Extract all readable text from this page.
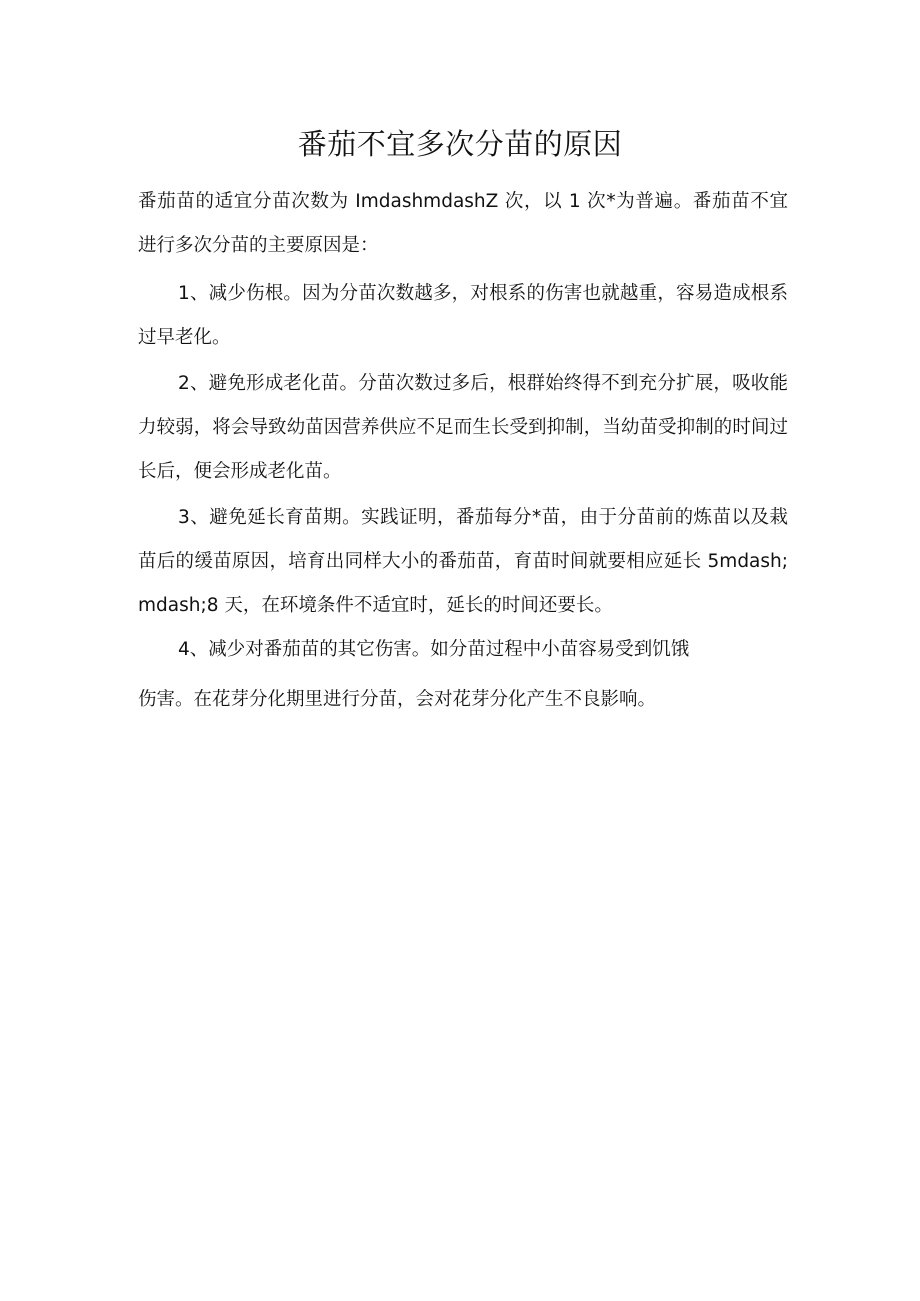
番茄不宜多次分苗的原因

番茄苗的适宜分苗次数为 ImdashmdashZ 次，以 1 次*为普遍。番茄苗不宜进行多次分苗的主要原因是：

1、减少伤根。因为分苗次数越多，对根系的伤害也就越重，容易造成根系过早老化。

2、避免形成老化苗。分苗次数过多后，根群始终得不到充分扩展，吸收能力较弱，将会导致幼苗因营养供应不足而生长受到抑制，当幼苗受抑制的时间过长后，便会形成老化苗。

3、避免延长育苗期。实践证明，番茄每分*苗，由于分苗前的炼苗以及栽苗后的缓苗原因，培育出同样大小的番茄苗，育苗时间就要相应延长 5mdash;mdash;8 天，在环境条件不适宜时，延长的时间还要长。

4、减少对番茄苗的其它伤害。如分苗过程中小苗容易受到饥饿

伤害。在花芽分化期里进行分苗，会对花芽分化产生不良影响。
